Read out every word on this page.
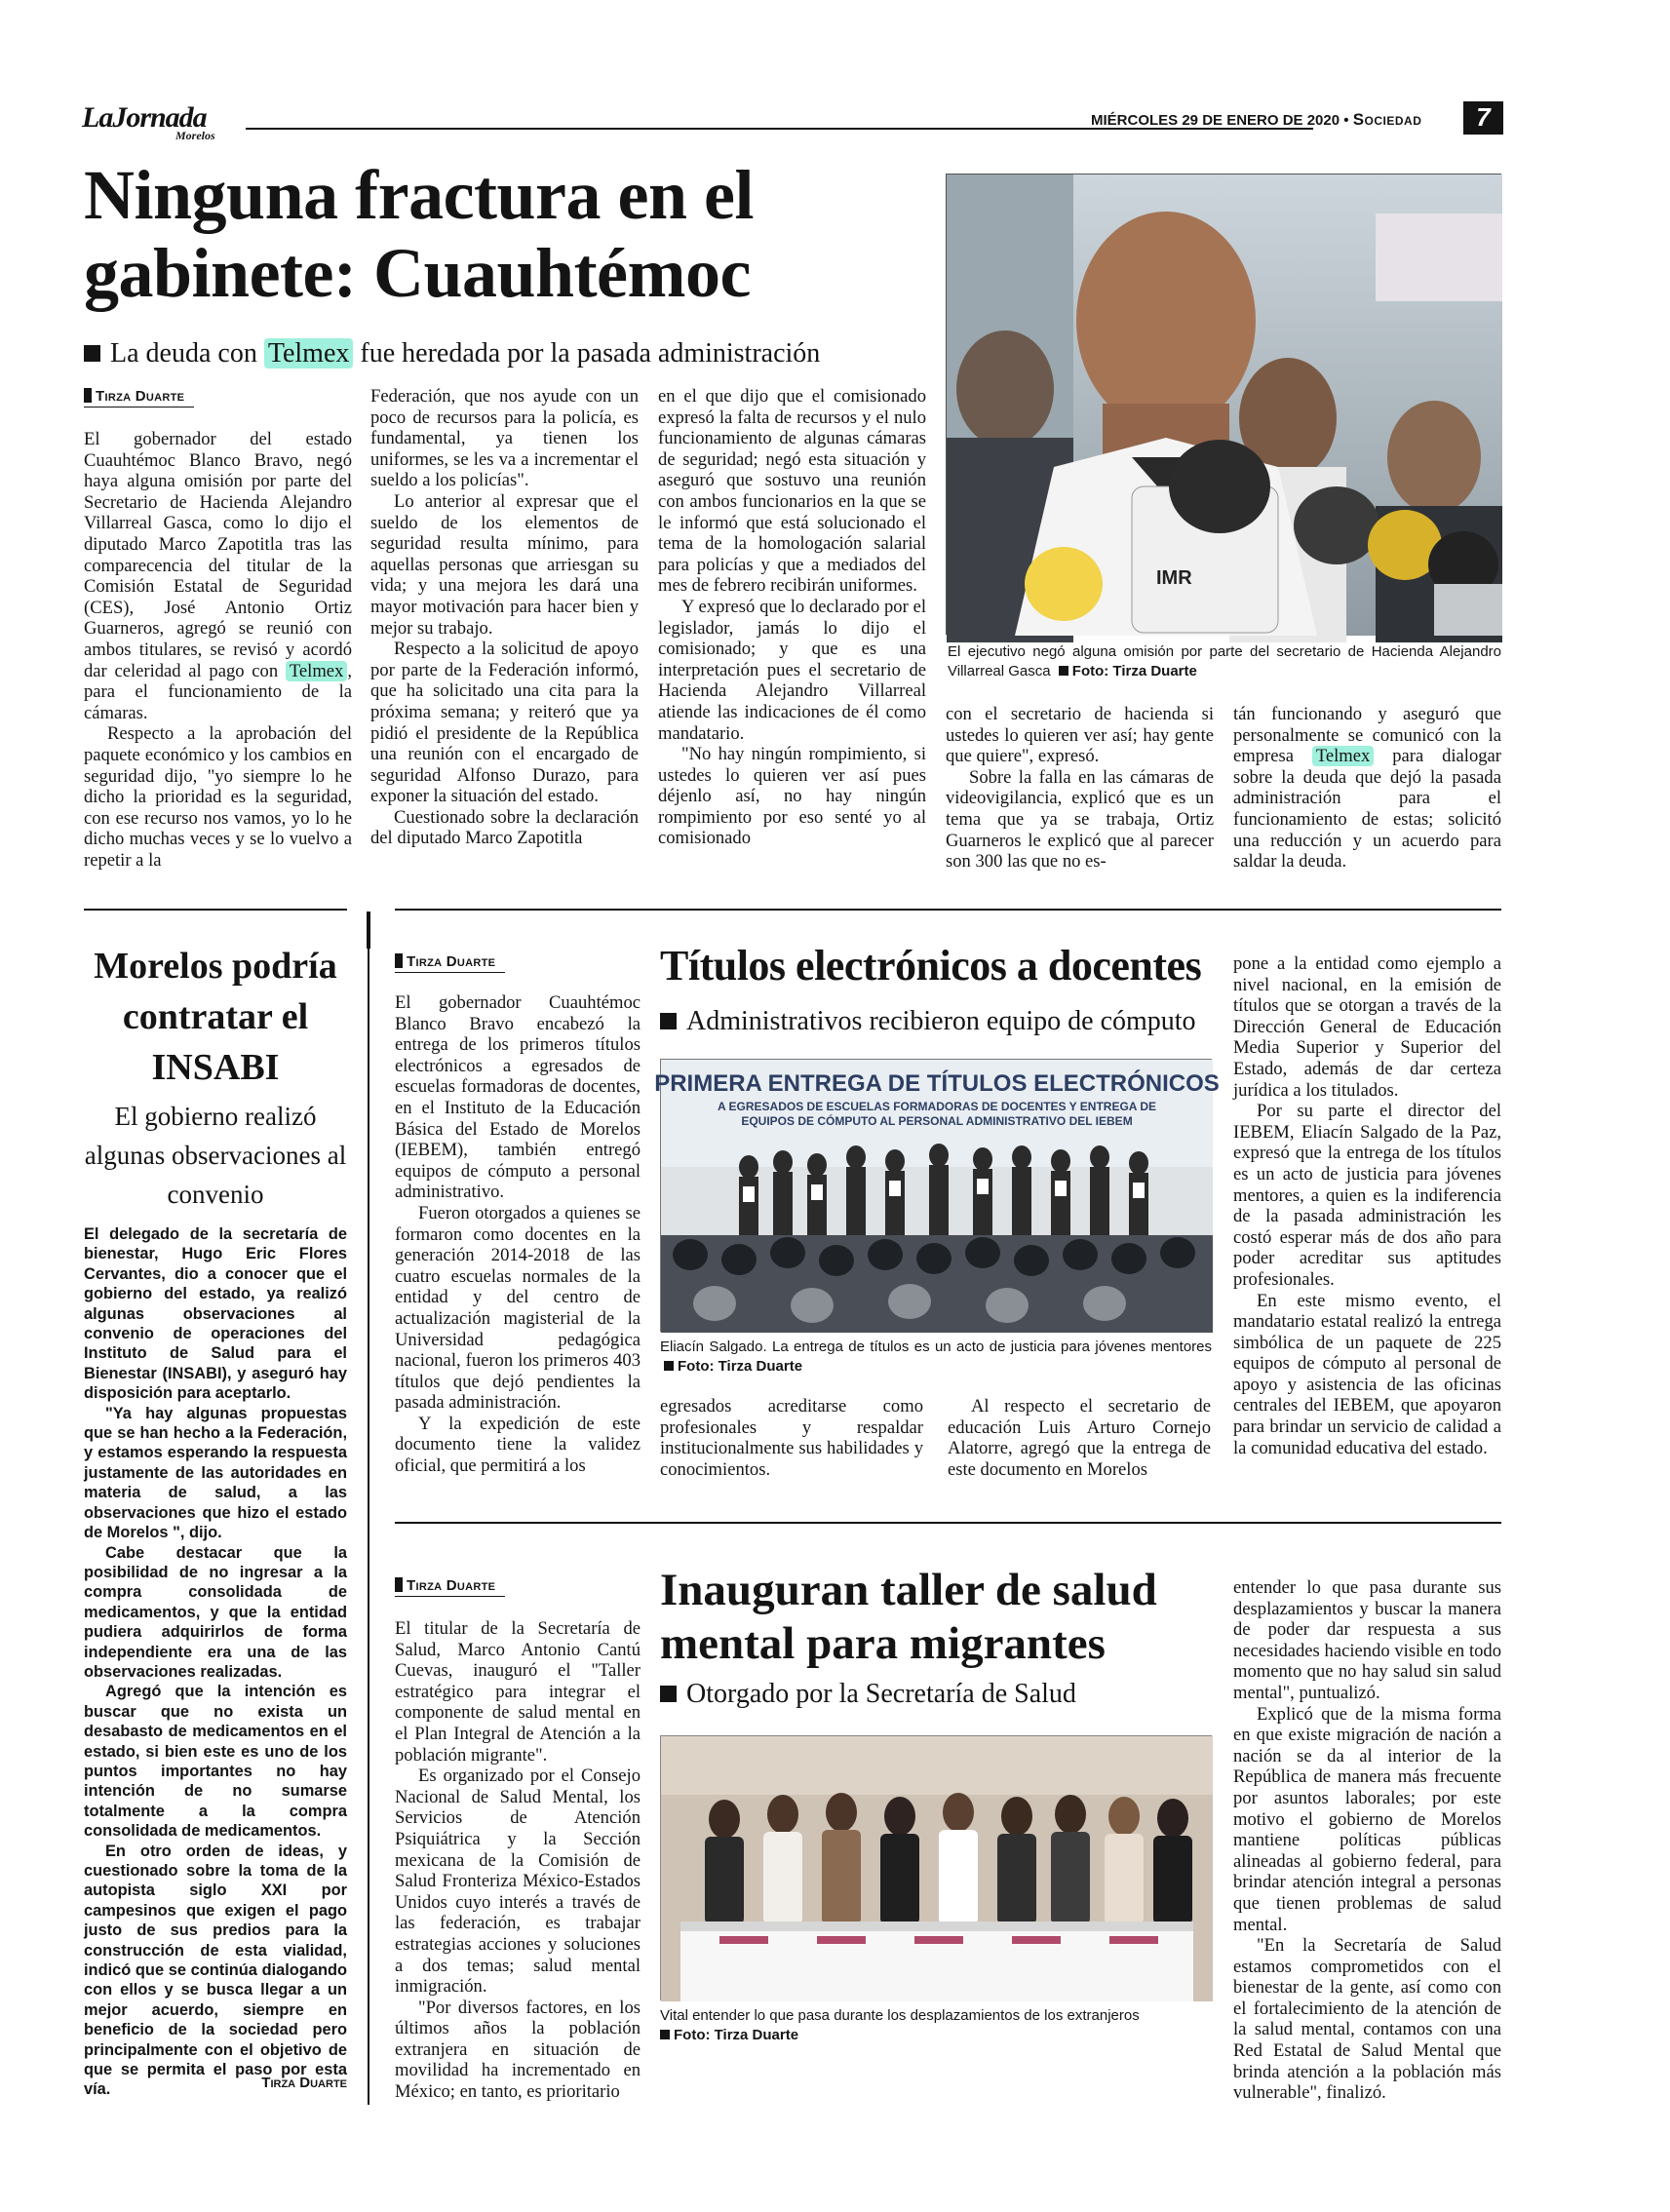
LaJornada
Morelos
MIÉRCOLES 29 DE ENERO DE 2020 • Sociedad	7
Ninguna fractura en el gabinete: Cuauhtémoc
La deuda con Telmex fue heredada por la pasada administración
Tirza Duarte

El gobernador del estado Cuauhtémoc Blanco Bravo, negó haya alguna omisión por parte del Secretario de Hacienda Alejandro Villarreal Gasca, como lo dijo el diputado Marco Zapotitla tras las comparecencia del titular de la Comisión Estatal de Seguridad (CES), José Antonio Ortiz Guarneros, agregó se reunió con ambos titulares, se revisó y acordó dar celeridad al pago con Telmex , para el funcionamiento de la cámaras.

Respecto a la aprobación del paquete económico y los cambios en seguridad dijo, "yo siempre lo he dicho la prioridad es la seguridad, con ese recurso nos vamos, yo lo he dicho muchas veces y se lo vuelvo a repetir a la

Federación, que nos ayude con un poco de recursos para la policía, es fundamental, ya tienen los uniformes, se les va a incrementar el sueldo a los policías".

Lo anterior al expresar que el sueldo de los elementos de seguridad resulta mínimo, para aquellas personas que arriesgan su vida; y una mejora les dará una mayor motivación para hacer bien y mejor su trabajo.

Respecto a la solicitud de apoyo por parte de la Federación informó, que ha solicitado una cita para la próxima semana; y reiteró que ya pidió el presidente de la República una reunión con el encargado de seguridad Alfonso Durazo, para exponer la situación del estado.

Cuestionado sobre la declaración del diputado Marco Zapotitla

en el que dijo que el comisionado expresó la falta de recursos y el nulo funcionamiento de algunas cámaras de seguridad; negó esta situación y aseguró que sostuvo una reunión con ambos funcionarios en la que se le informó que está solucionado el tema de la homologación salarial para policías y que a mediados del mes de febrero recibirán uniformes.

Y expresó que lo declarado por el legislador, jamás lo dijo el comisionado; y que es una interpretación pues el secretario de Hacienda Alejandro Villarreal atiende las indicaciones de él como mandatario.

"No hay ningún rompimiento, si ustedes lo quieren ver así pues déjenlo así, no hay ningún rompimiento por eso senté yo al comisionado

con el secretario de hacienda si ustedes lo quieren ver así; hay gente que quiere", expresó.

Sobre la falla en las cámaras de videovigilancia, explicó que es un tema que ya se trabaja, Ortiz Guarneros le explicó que al parecer son 300 las que no es-

tán funcionando y aseguró que personalmente se comunicó con la empresa Telmex para dialogar sobre la deuda que dejó la pasada administración para el funcionamiento de estas; solicitó una reducción y un acuerdo para saldar la deuda.

IMR
El ejecutivo negó alguna omisión por parte del secretario de Hacienda Alejandro Villarreal Gasca Foto: Tirza Duarte
Morelos podría contratar el INSABI
El gobierno realizó algunas observaciones al convenio

El delegado de la secretaría de bienestar, Hugo Eric Flores Cervantes, dio a conocer que el gobierno del estado, ya realizó algunas observaciones al convenio de operaciones del Instituto de Salud para el Bienestar (INSABI), y aseguró hay disposición para aceptarlo.

"Ya hay algunas propuestas que se han hecho a la Federación, y estamos esperando la respuesta justamente de las autoridades en materia de salud, a las observaciones que hizo el estado de Morelos ", dijo.

Cabe destacar que la posibilidad de no ingresar a la compra consolidada de medicamentos, y que la entidad pudiera adquirirlos de forma independiente era una de las observaciones realizadas.

Agregó que la intención es buscar que no exista un desabasto de medicamentos en el estado, si bien este es uno de los puntos importantes no hay intención de no sumarse totalmente a la compra consolidada de medicamentos.

En otro orden de ideas, y cuestionado sobre la toma de la autopista siglo XXI por campesinos que exigen el pago justo de sus predios para la construcción de esta vialidad, indicó que se continúa dialogando con ellos y se busca llegar a un mejor acuerdo, siempre en beneficio de la sociedad pero principalmente con el objetivo de que se permita el paso por esta vía.	Tirza Duarte
Tirza Duarte	Títulos electrónicos a docentes
Administrativos recibieron equipo de cómputo

El gobernador Cuauhtémoc Blanco Bravo encabezó la entrega de los primeros títulos electrónicos a egresados de escuelas formadoras de docentes, en el Instituto de la Educación Básica del Estado de Morelos (IEBEM), también entregó equipos de cómputo a personal administrativo.

Fueron otorgados a quienes se formaron como docentes en la generación 2014-2018 de las cuatro escuelas normales de la entidad y del centro de actualización magisterial de la Universidad pedagógica nacional, fueron los primeros 403 títulos que dejó pendientes la pasada administración.

Y la expedición de este documento tiene la validez oficial, que permitirá a los

PRIMERA ENTREGA DE TÍTULOS ELECTRÓNICOS
A EGRESADOS DE ESCUELAS FORMADORAS DE DOCENTES Y ENTREGA DE
EQUIPOS DE CÓMPUTO AL PERSONAL ADMINISTRATIVO DEL IEBEM
Eliacín Salgado. La entrega de títulos es un acto de justicia para jóvenes mentores Foto: Tirza Duarte

egresados acreditarse como profesionales y respaldar institucionalmente sus habilidades y conocimientos.

Al respecto el secretario de educación Luis Arturo Cornejo Alatorre, agregó que la entrega de este documento en Morelos

pone a la entidad como ejemplo a nivel nacional, en la emisión de títulos que se otorgan a través de la Dirección General de Educación Media Superior y Superior del Estado, además de dar certeza jurídica a los titulados.

Por su parte el director del IEBEM, Eliacín Salgado de la Paz, expresó que la entrega de los títulos es un acto de justicia para jóvenes mentores, a quien es la indiferencia de la pasada administración les costó esperar más de dos año para poder acreditar sus aptitudes profesionales.

En este mismo evento, el mandatario estatal realizó la entrega simbólica de un paquete de 225 equipos de cómputo al personal de apoyo y asistencia de las oficinas centrales del IEBEM, que apoyaron para brindar un servicio de calidad a la comunidad educativa del estado.

Tirza Duarte	Inauguran taller de salud mental para migrantes
Otorgado por la Secretaría de Salud

El titular de la Secretaría de Salud, Marco Antonio Cantú Cuevas, inauguró el "Taller estratégico para integrar el componente de salud mental en el Plan Integral de Atención a la población migrante".

Es organizado por el Consejo Nacional de Salud Mental, los Servicios de Atención Psiquiátrica y la Sección mexicana de la Comisión de Salud Fronteriza México-Estados Unidos cuyo interés a través de las federación, es trabajar estrategias acciones y soluciones a dos temas; salud mental inmigración.

"Por diversos factores, en los últimos años la población extranjera en situación de movilidad ha incrementado en México; en tanto, es prioritario

Vital entender lo que pasa durante los desplazamientos de los extranjeros
Foto: Tirza Duarte

entender lo que pasa durante sus desplazamientos y buscar la manera de poder dar respuesta a sus necesidades haciendo visible en todo momento que no hay salud sin salud mental", puntualizó.

Explicó que de la misma forma en que existe migración de nación a nación se da al interior de la República de manera más frecuente por asuntos laborales; por este motivo el gobierno de Morelos mantiene políticas públicas alineadas al gobierno federal, para brindar atención integral a personas que tienen problemas de salud mental.

"En la Secretaría de Salud estamos comprometidos con el bienestar de la gente, así como con el fortalecimiento de la atención de la salud mental, contamos con una Red Estatal de Salud Mental que brinda atención a la población más vulnerable", finalizó.
